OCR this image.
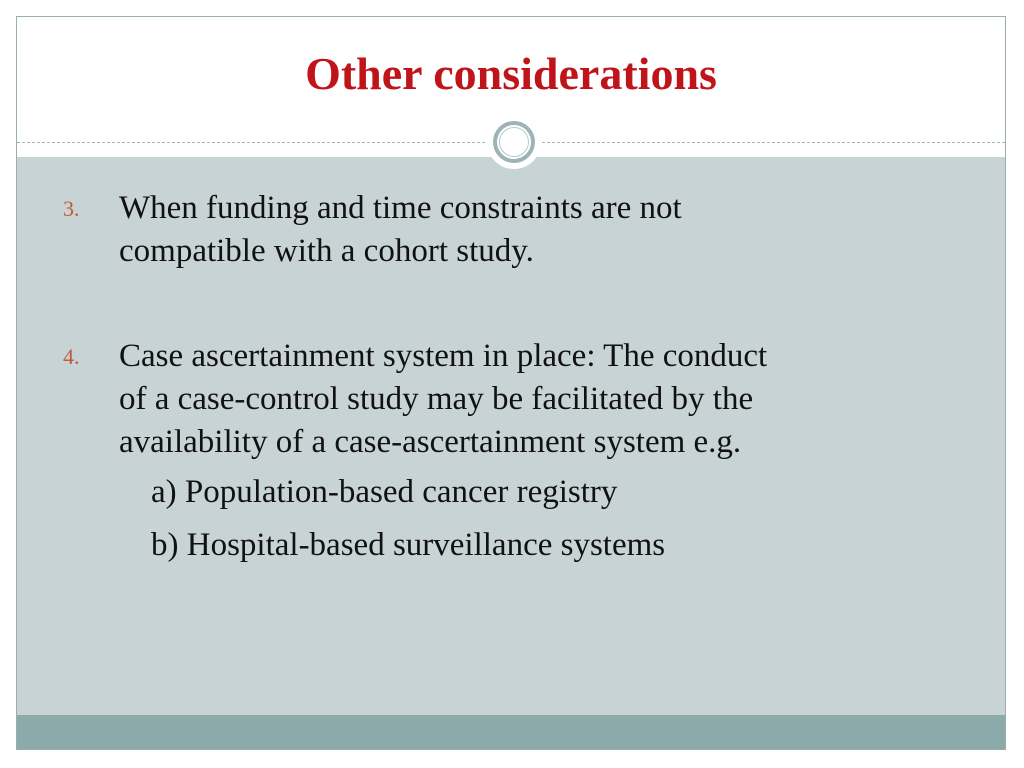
Other considerations
3. When funding and time constraints are not
compatible with a cohort study.
4. Case ascertainment system in place: The conduct
of a case-control study may be facilitated by the
availability of a case-ascertainment system e.g.
a) Population-based cancer registry
b) Hospital-based surveillance systems
